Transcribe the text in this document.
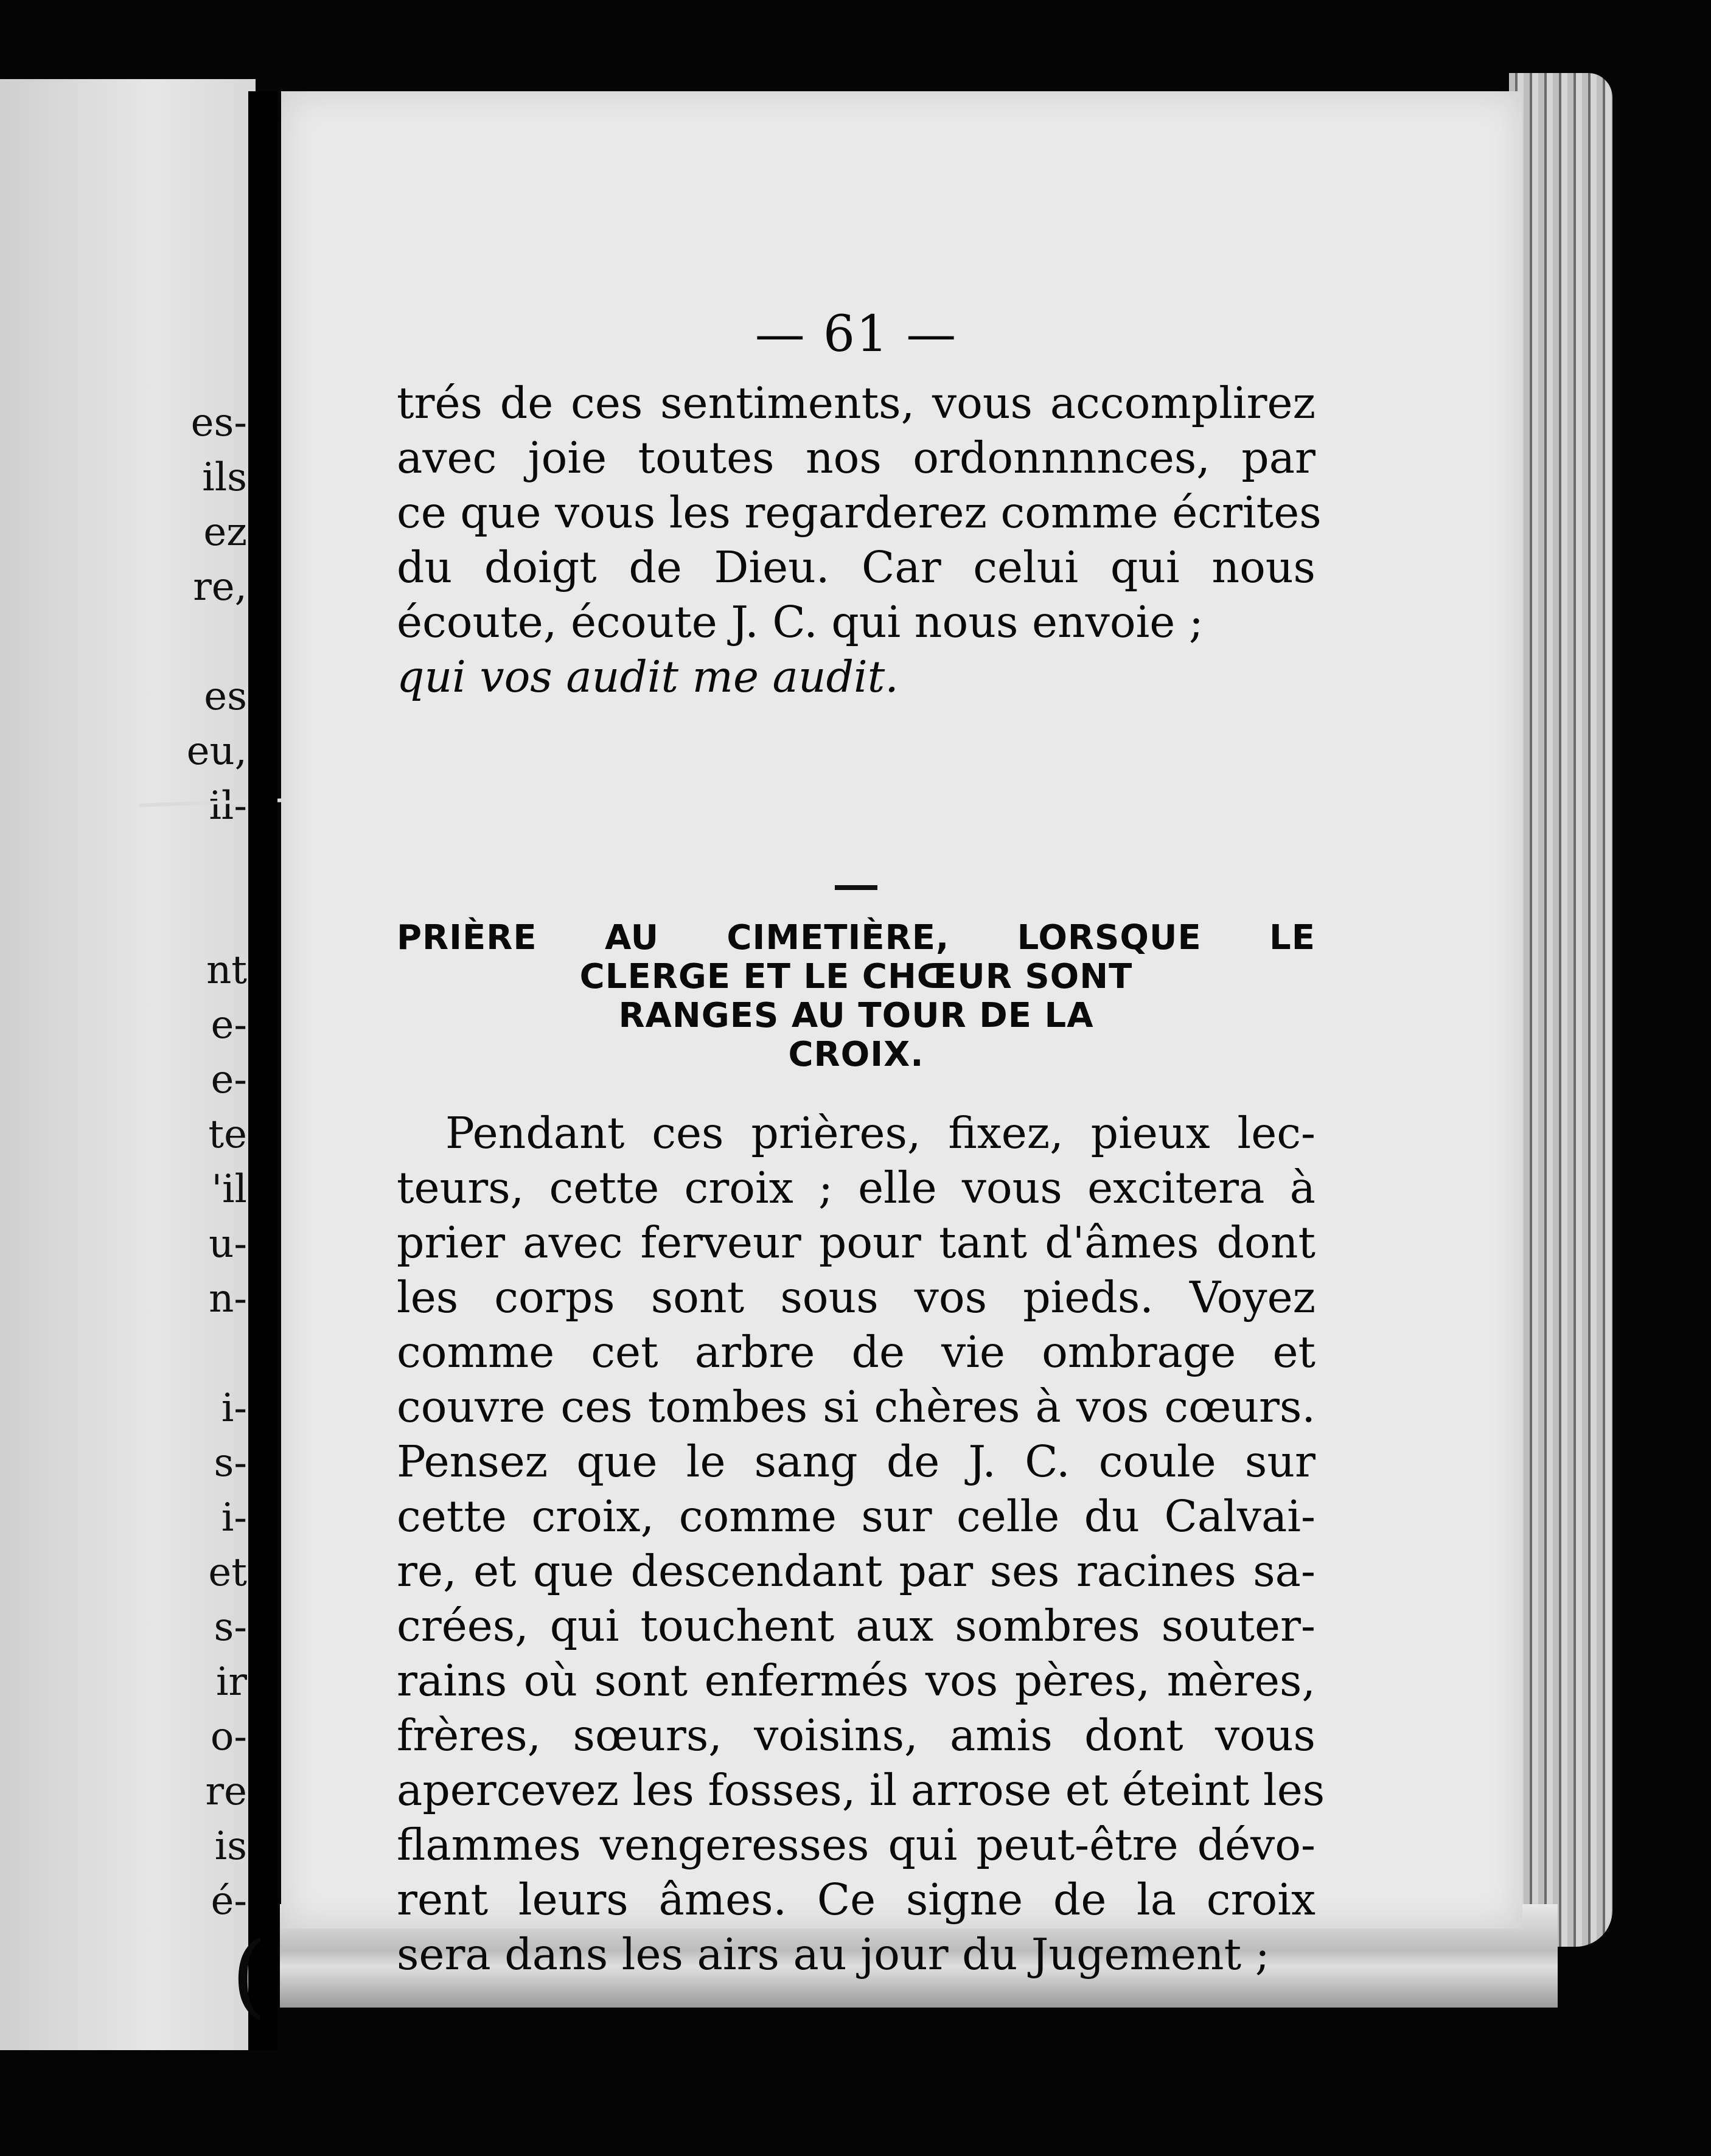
es-
ils
ez
re,
es
eu,
il-
nt
e-
e-
te
'il
u-
n-
i-
s-
i-
et
s-
ir
o-
re
is
é-
— 61 —
trés de ces sentiments, vous accomplirez
avec joie toutes nos ordonnnnces, par
ce que vous les regarderez comme écrites
du doigt de Dieu. Car celui qui nous
écoute, écoute J. C. qui nous envoie ;
qui vos audit me audit.
PRIÈRE AU CIMETIÈRE, LORSQUE LE
CLERGE ET LE CHŒUR SONT
RANGES AU TOUR DE LA
CROIX.
Pendant ces prières, fixez, pieux lec-
teurs, cette croix ; elle vous excitera à
prier avec ferveur pour tant d'âmes dont
les corps sont sous vos pieds. Voyez
comme cet arbre de vie ombrage et
couvre ces tombes si chères à vos cœurs.
Pensez que le sang de J. C. coule sur
cette croix, comme sur celle du Calvai-
re, et que descendant par ses racines sa-
crées, qui touchent aux sombres souter-
rains où sont enfermés vos pères, mères,
frères, sœurs, voisins, amis dont vous
apercevez les fosses, il arrose et éteint les
flammes vengeresses qui peut-être dévo-
rent leurs âmes. Ce signe de la croix
sera dans les airs au jour du Jugement ;
(
